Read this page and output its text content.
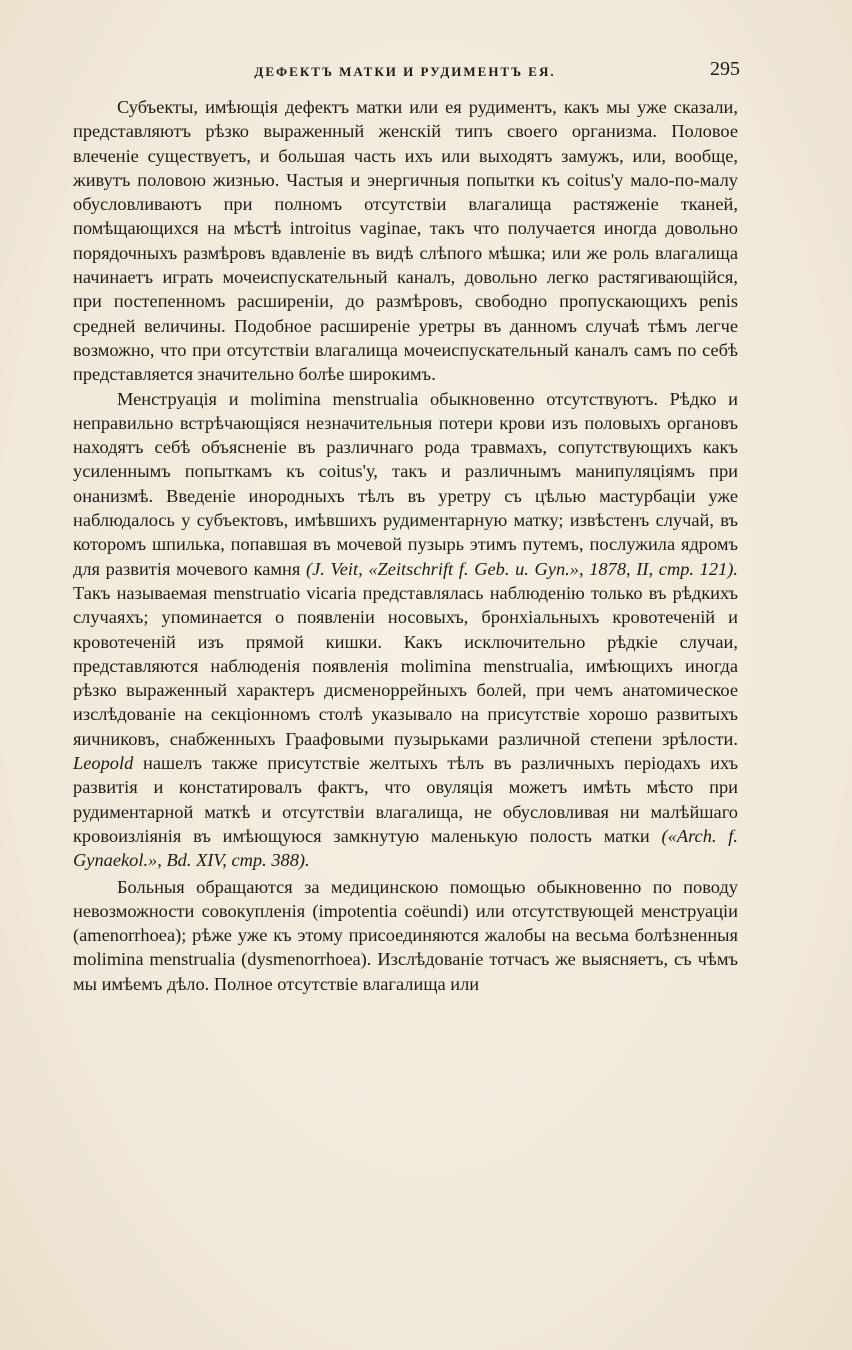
ДЕФЕКТЪ МАТКИ И РУДИМЕНТЪ ЕЯ.	295

Субъекты, имѣющія дефектъ матки или ея рудиментъ, какъ мы уже сказали, представляютъ рѣзко выраженный женскій типъ своего организма. Половое влеченіе существуетъ, и большая часть ихъ или выходятъ замужъ, или, вообще, живутъ половою жизнью. Частыя и энергичныя попытки къ coitus'у мало-по-малу обусловливаютъ при полномъ отсутствіи влагалища растяженіе тканей, помѣщающихся на мѣстѣ introitus vaginae, такъ что получается иногда довольно порядочныхъ размѣровъ вдавленіе въ видѣ слѣпого мѣшка; или же роль влагалища начинаетъ играть мочеиспускательный каналъ, довольно легко растягивающійся, при постепенномъ расширеніи, до размѣровъ, свободно пропускающихъ penis средней величины. Подобное расширеніе уретры въ данномъ случаѣ тѣмъ легче возможно, что при отсутствіи влагалища мочеиспускательный каналъ самъ по себѣ представляется значительно болѣе широкимъ.

Менструація и molimina menstrualia обыкновенно отсутствуютъ. Рѣдко и неправильно встрѣчающіяся незначительныя потери крови изъ половыхъ органовъ находятъ себѣ объясненіе въ различнаго рода травмахъ, сопутствующихъ какъ усиленнымъ попыткамъ къ coitus'у, такъ и различнымъ манипуляціямъ при онанизмѣ. Введеніе инородныхъ тѣлъ въ уретру съ цѣлью мастурбаціи уже наблюдалось у субъектовъ, имѣвшихъ рудиментарную матку; извѣстенъ случай, въ которомъ шпилька, попавшая въ мочевой пузырь этимъ путемъ, послужила ядромъ для развитія мочевого камня (J. Veit, «Zeitschrift f. Geb. u. Gyn.», 1878, II, стр. 121). Такъ называемая menstruatio vicaria представлялась наблюденію только въ рѣдкихъ случаяхъ; упоминается о появленіи носовыхъ, бронхіальныхъ кровотеченій и кровотеченій изъ прямой кишки. Какъ исключительно рѣдкіе случаи, представляются наблюденія появленія molimina menstrualia, имѣющихъ иногда рѣзко выраженный характеръ дисменоррейныхъ болей, при чемъ анатомическое изслѣдованіе на секціонномъ столѣ указывало на присутствіе хорошо развитыхъ яичниковъ, снабженныхъ Граафовыми пузырьками различной степени зрѣлости. Leopold нашелъ также присутствіе желтыхъ тѣлъ въ различныхъ періодахъ ихъ развитія и констатировалъ фактъ, что овуляція можетъ имѣть мѣсто при рудиментарной маткѣ и отсутствіи влагалища, не обусловливая ни малѣйшаго кровоизліянія въ имѣющуюся замкнутую маленькую полость матки («Arch. f. Gynaekol.», Bd. XIV, стр. 388).

Больныя обращаются за медицинскою помощью обыкновенно по поводу невозможности совокупленія (impotentia coëundi) или отсутствующей менструаціи (amenorrhoea); рѣже уже къ этому присоединяются жалобы на весьма болѣзненныя molimina menstrualia (dysmenorrhoea). Изслѣдованіе тотчасъ же выясняетъ, съ чѣмъ мы имѣемъ дѣло. Полное отсутствіе влагалища или
